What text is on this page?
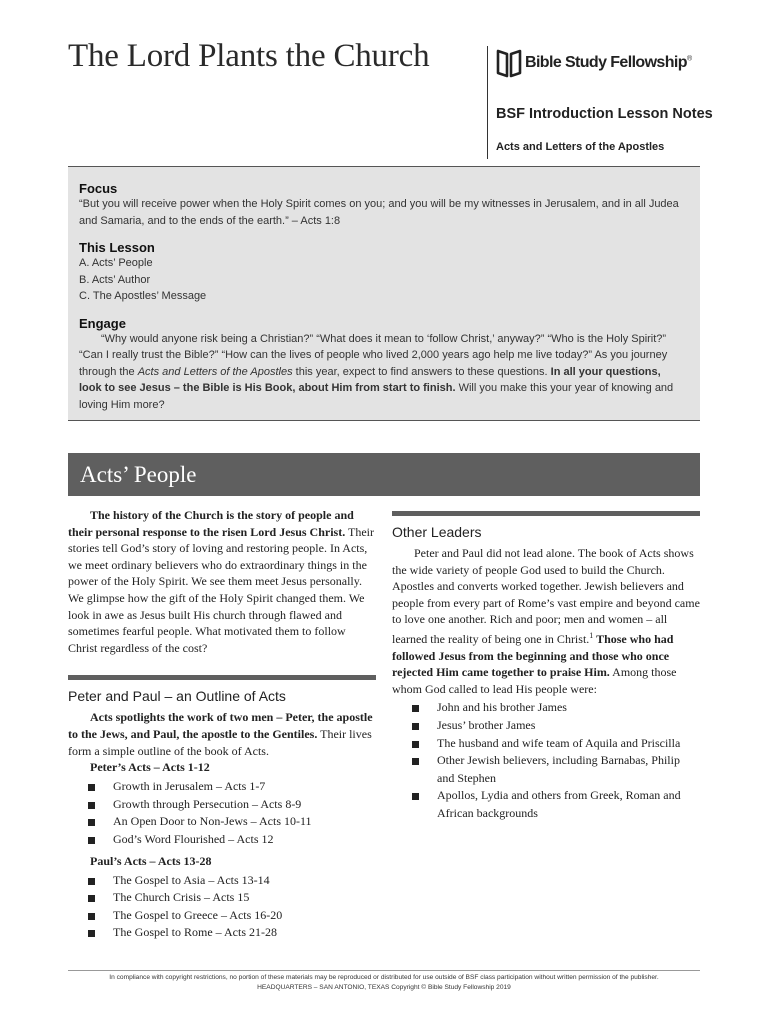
The Lord Plants the Church	Bible Study Fellowship®
BSF Introduction Lesson Notes
Acts and Letters of the Apostles

Focus

“But you will receive power when the Holy Spirit comes on you; and you will be my witnesses in Jerusalem, and in all Judea and Samaria, and to the ends of the earth.” – Acts 1:8

This Lesson

A. Acts’ People
B. Acts’ Author
C. The Apostles’ Message

Engage

“Why would anyone risk being a Christian?” “What does it mean to ‘follow Christ,’ anyway?” “Who is the Holy Spirit?” “Can I really trust the Bible?” “How can the lives of people who lived 2,000 years ago help me live today?” As you journey through the Acts and Letters of the Apostles this year, expect to find answers to these questions. In all your questions, look to see Jesus – the Bible is His Book, about Him from start to finish. Will you make this your year of knowing and loving Him more?

Acts’ People

The history of the Church is the story of people and their personal response to the risen Lord Jesus Christ. Their stories tell God’s story of loving and restoring people. In Acts, we meet ordinary believers who do extraordinary things in the power of the Holy Spirit. We see them meet Jesus personally. We glimpse how the gift of the Holy Spirit changed them. We look in awe as Jesus built His church through flawed and sometimes fearful people. What motivated them to follow Christ regardless of the cost?

Peter and Paul – an Outline of Acts

Acts spotlights the work of two men – Peter, the apostle to the Jews, and Paul, the apostle to the Gentiles. Their lives form a simple outline of the book of Acts.

Peter’s Acts – Acts 1-12

Growth in Jerusalem – Acts 1-7
Growth through Persecution – Acts 8-9
An Open Door to Non-Jews – Acts 10-11
God’s Word Flourished – Acts 12

Paul’s Acts – Acts 13-28

The Gospel to Asia – Acts 13-14
The Church Crisis – Acts 15
The Gospel to Greece – Acts 16-20
The Gospel to Rome – Acts 21-28

Other Leaders

Peter and Paul did not lead alone. The book of Acts shows the wide variety of people God used to build the Church. Apostles and converts worked together. Jewish believers and people from every part of Rome’s vast empire and beyond came to love one another. Rich and poor; men and women – all learned the reality of being one in Christ.$^1$ Those who had followed Jesus from the beginning and those who once rejected Him came together to praise Him. Among those whom God called to lead His people were:

John and his brother James
Jesus’ brother James
The husband and wife team of Aquila and Priscilla
Other Jewish believers, including Barnabas, Philip and Stephen
Apollos, Lydia and others from Greek, Roman and African backgrounds
In compliance with copyright restrictions, no portion of these materials may be reproduced or distributed for use outside of BSF class participation without written permission of the publisher.
HEADQUARTERS – SAN ANTONIO, TEXAS Copyright © Bible Study Fellowship 2019
